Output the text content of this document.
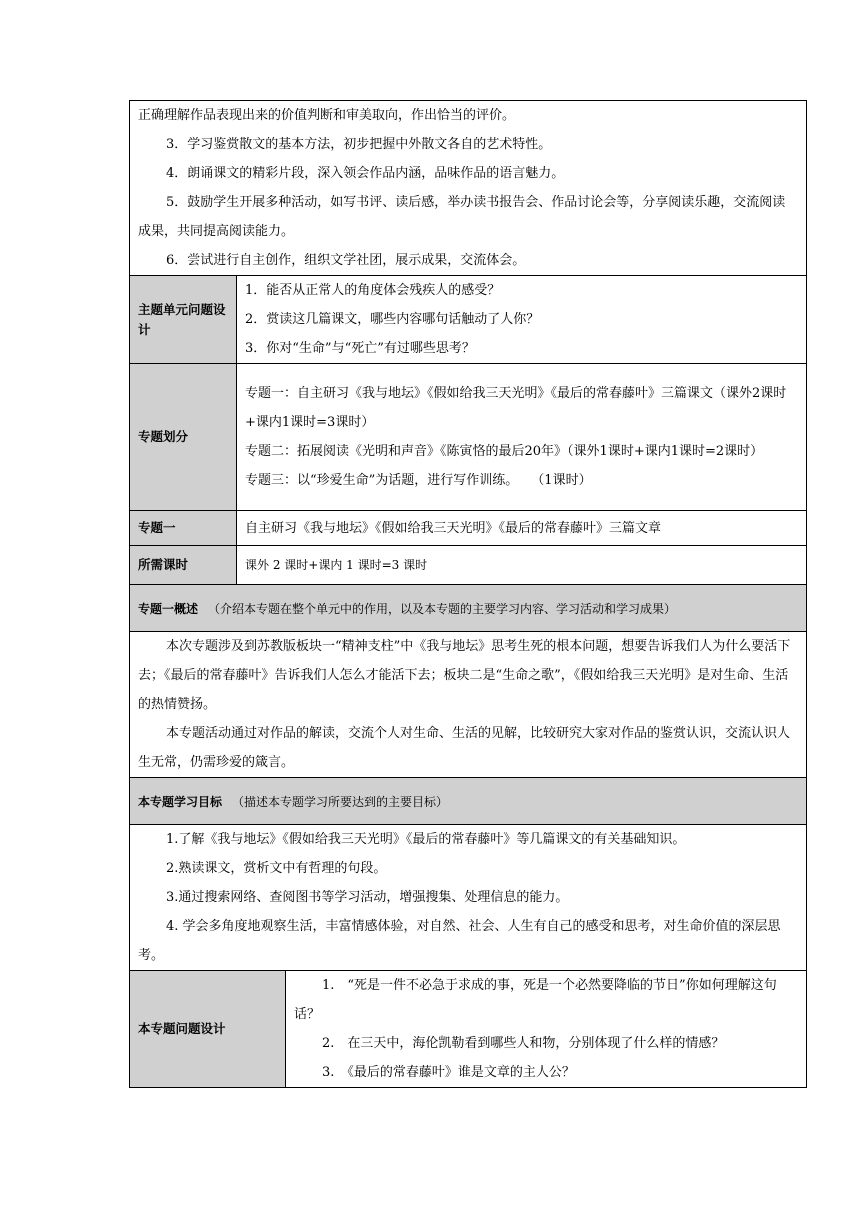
正确理解作品表现出来的价值判断和审美取向，作出恰当的评价。

3．学习鉴赏散文的基本方法，初步把握中外散文各自的艺术特性。

4．朗诵课文的精彩片段，深入领会作品内涵，品味作品的语言魅力。

5．鼓励学生开展多种活动，如写书评、读后感，举办读书报告会、作品讨论会等，分享阅读乐趣，交流阅读成果，共同提高阅读能力。

6．尝试进行自主创作，组织文学社团，展示成果，交流体会。		

主题单元问题设计	1．能否从正常人的角度体会残疾人的感受？

2．赏读这几篇课文，哪些内容哪句话触动了人你？

3．你对“生命”与“死亡”有过哪些思考？	

专题划分	专题一：自主研习《我与地坛》《假如给我三天光明》《最后的常春藤叶》三篇课文（课外2课时+课内1课时=3课时）

专题二：拓展阅读《光明和声音》《陈寅恪的最后20年》（课外1课时+课内1课时=2课时）

专题三：以“珍爱生命”为话题，进行写作训练。　　（1课时）	

专题一	自主研习《我与地坛》《假如给我三天光明》《最后的常春藤叶》三篇文章	
所需课时	课外 2 课时+课内 1 课时=3 课时	
专题一概述 （介绍本专题在整个单元中的作用，以及本专题的主要学习内容、学习活动和学习成果）		

本次专题涉及到苏教版板块一“精神支柱”中《我与地坛》思考生死的根本问题，想要告诉我们人为什么要活下去；《最后的常春藤叶》告诉我们人怎么才能活下去；板块二是“生命之歌”，《假如给我三天光明》是对生命、生活的热情赞扬。

本专题活动通过对作品的解读，交流个人对生命、生活的见解，比较研究大家对作品的鉴赏认识，交流认识人生无常，仍需珍爱的箴言。		

本专题学习目标 （描述本专题学习所要达到的主要目标）		

1.了解《我与地坛》《假如给我三天光明》《最后的常春藤叶》等几篇课文的有关基础知识。

2.熟读课文，赏析文中有哲理的句段。

3.通过搜索网络、查阅图书等学习活动，增强搜集、处理信息的能力。

4. 学会多角度地观察生活，丰富情感体验，对自然、社会、人生有自己的感受和思考，对生命价值的深层思考。		

本专题问题设计		1.　“死是一件不必急于求成的事，死是一个必然要降临的节日”你如何理解这句话？

2.　在三天中，海伦凯勒看到哪些人和物，分别体现了什么样的情感？

3.　《最后的常春藤叶》谁是文章的主人公？
